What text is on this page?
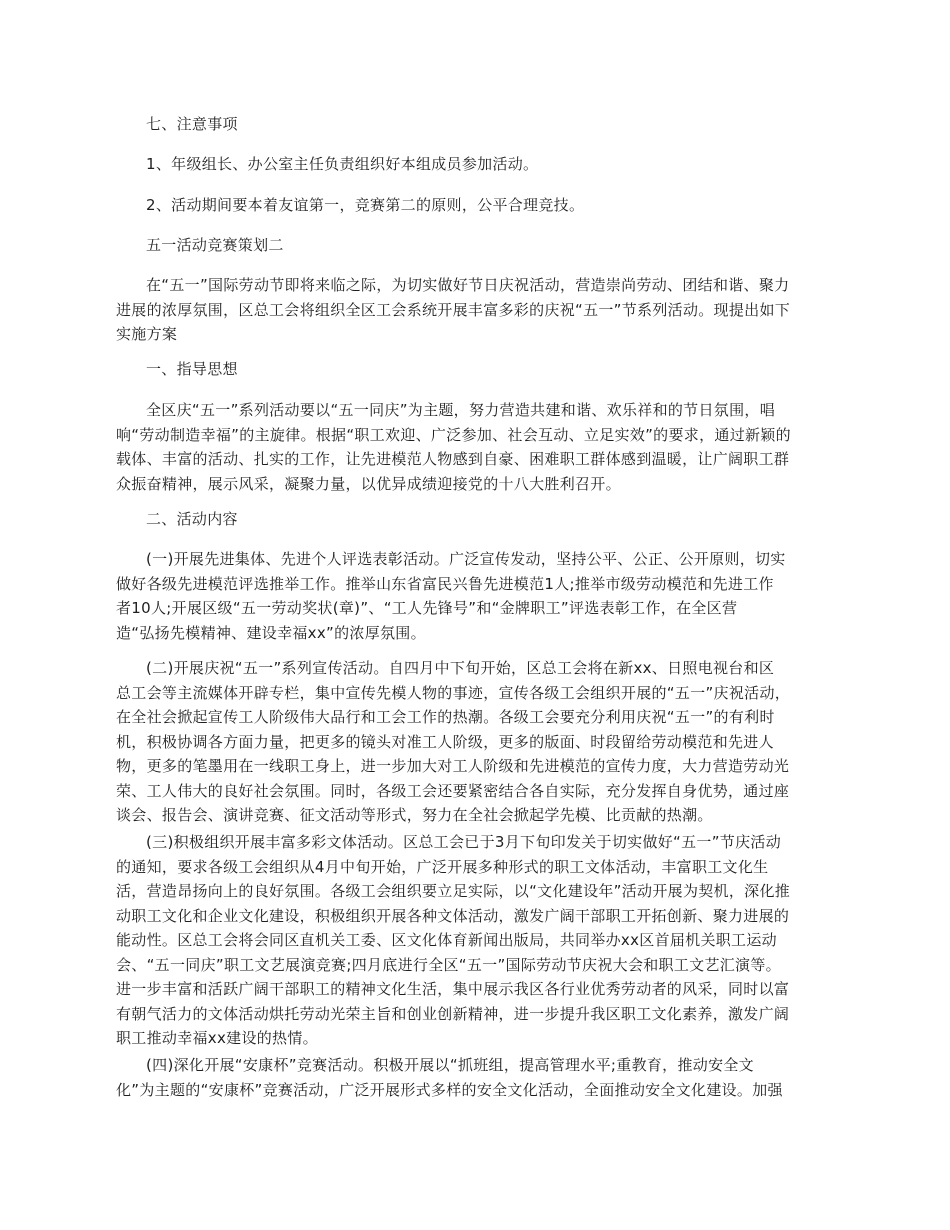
七、注意事项

1、年级组长、办公室主任负责组织好本组成员参加活动。

2、活动期间要本着友谊第一，竞赛第二的原则，公平合理竞技。

五一活动竞赛策划二

在“五一”国际劳动节即将来临之际，为切实做好节日庆祝活动，营造崇尚劳动、团结和谐、聚力
进展的浓厚氛围，区总工会将组织全区工会系统开展丰富多彩的庆祝“五一”节系列活动。现提出如下
实施方案

一、指导思想

全区庆“五一”系列活动要以“五一同庆”为主题，努力营造共建和谐、欢乐祥和的节日氛围，唱
响“劳动制造幸福”的主旋律。根据“职工欢迎、广泛参加、社会互动、立足实效”的要求，通过新颖的
载体、丰富的活动、扎实的工作，让先进模范人物感到自豪、困难职工群体感到温暖，让广阔职工群
众振奋精神，展示风采，凝聚力量，以优异成绩迎接党的十八大胜利召开。

二、活动内容

(一)开展先进集体、先进个人评选表彰活动。广泛宣传发动，坚持公平、公正、公开原则，切实
做好各级先进模范评选推举工作。推举山东省富民兴鲁先进模范1人;推举市级劳动模范和先进工作
者10人;开展区级“五一劳动奖状(章)”、“工人先锋号”和“金牌职工”评选表彰工作，在全区营
造“弘扬先模精神、建设幸福xx”的浓厚氛围。
(二)开展庆祝“五一”系列宣传活动。自四月中下旬开始，区总工会将在新xx、日照电视台和区
总工会等主流媒体开辟专栏，集中宣传先模人物的事迹，宣传各级工会组织开展的“五一”庆祝活动，
在全社会掀起宣传工人阶级伟大品行和工会工作的热潮。各级工会要充分利用庆祝“五一”的有利时
机，积极协调各方面力量，把更多的镜头对准工人阶级，更多的版面、时段留给劳动模范和先进人
物，更多的笔墨用在一线职工身上，进一步加大对工人阶级和先进模范的宣传力度，大力营造劳动光
荣、工人伟大的良好社会氛围。同时，各级工会还要紧密结合各自实际，充分发挥自身优势，通过座
谈会、报告会、演讲竞赛、征文活动等形式，努力在全社会掀起学先模、比贡献的热潮。
(三)积极组织开展丰富多彩文体活动。区总工会已于3月下旬印发关于切实做好“五一”节庆活动
的通知，要求各级工会组织从4月中旬开始，广泛开展多种形式的职工文体活动，丰富职工文化生
活，营造昂扬向上的良好氛围。各级工会组织要立足实际，以“文化建设年”活动开展为契机，深化推
动职工文化和企业文化建设，积极组织开展各种文体活动，激发广阔干部职工开拓创新、聚力进展的
能动性。区总工会将会同区直机关工委、区文化体育新闻出版局，共同举办xx区首届机关职工运动
会、“五一同庆”职工文艺展演竞赛;四月底进行全区“五一”国际劳动节庆祝大会和职工文艺汇演等。
进一步丰富和活跃广阔干部职工的精神文化生活，集中展示我区各行业优秀劳动者的风采，同时以富
有朝气活力的文体活动烘托劳动光荣主旨和创业创新精神，进一步提升我区职工文化素养，激发广阔
职工推动幸福xx建设的热情。
(四)深化开展“安康杯”竞赛活动。积极开展以“抓班组，提高管理水平;重教育，推动安全文
化”为主题的“安康杯”竞赛活动，广泛开展形式多样的安全文化活动，全面推动安全文化建设。加强
